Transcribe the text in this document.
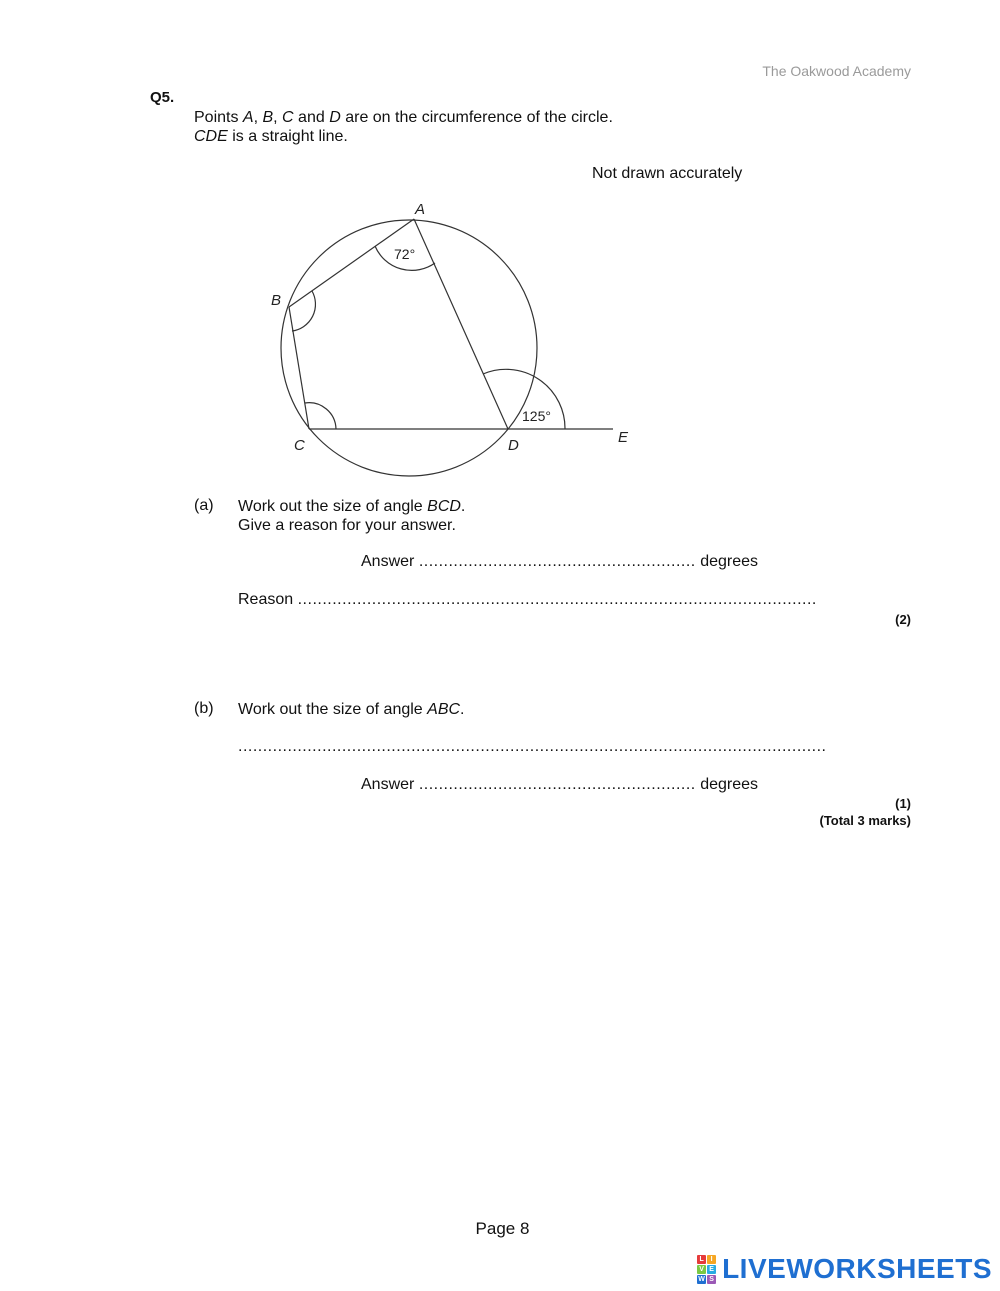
The Oakwood Academy
Q5.
Points A, B, C and D are on the circumference of the circle.
CDE is a straight line.
Not drawn accurately
A
B
C	D	E
72°
125°
(a) Work out the size of angle BCD.
Give a reason for your answer.
Answer ........................................................ degrees
Reason .........................................................................................................
(2)
(b) Work out the size of angle ABC.
.......................................................................................................................
Answer ........................................................ degrees
(1)
(Total 3 marks)
Page 8
L I
V E
W S LIVEWORKSHEETS
